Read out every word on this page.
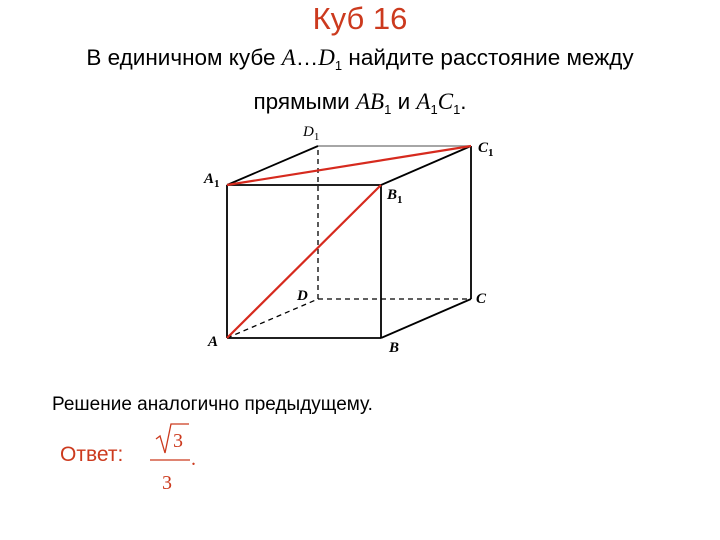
Куб 16
В единичном кубе $A\dots D_1$ найдите расстояние между
прямыми $AB_1$ и $A_1C_1$.
$D_1$
$C_1$
$A_1$
$B_1$
D	C
A	B
3
3
.
Решение аналогично предыдущему.
Ответ:
